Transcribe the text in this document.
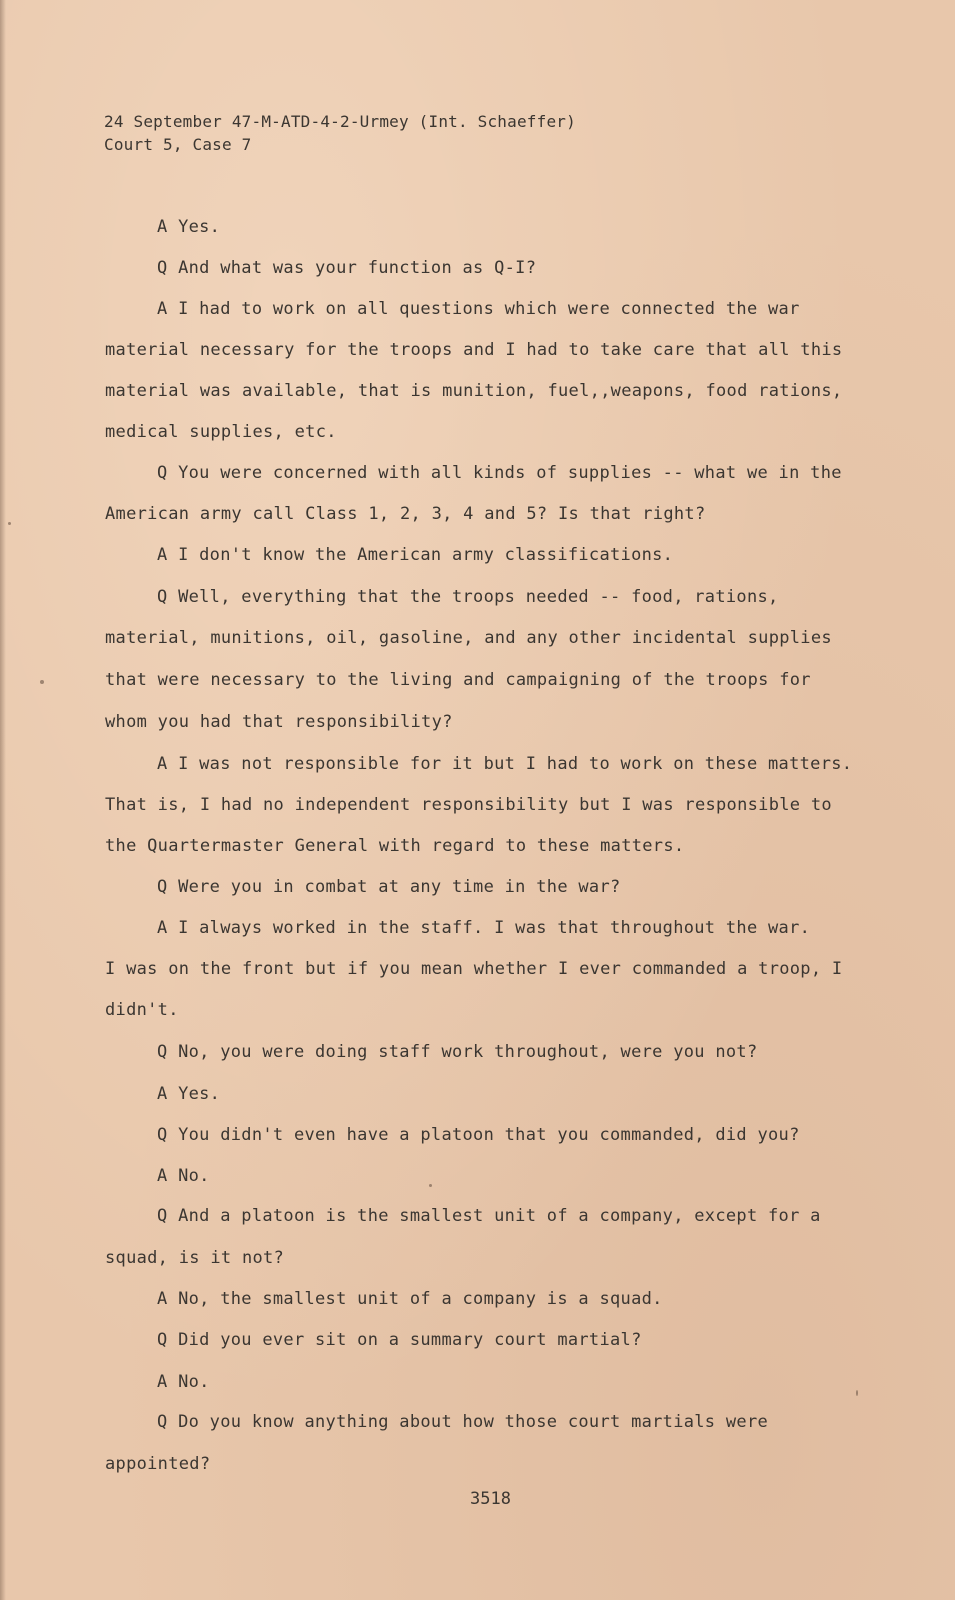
24 September 47-M-ATD-4-2-Urmey (Int. Schaeffer)
Court 5, Case 7
A Yes.
Q And what was your function as Q-I?
A I had to work on all questions which were connected the war
material necessary for the troops and I had to take care that all this
material was available, that is munition, fuel,,weapons, food rations,
medical supplies, etc.
Q You were concerned with all kinds of supplies -- what we in the
American army call Class 1, 2, 3, 4 and 5? Is that right?
A I don't know the American army classifications.
Q Well, everything that the troops needed -- food, rations,
material, munitions, oil, gasoline, and any other incidental supplies
that were necessary to the living and campaigning of the troops for
whom you had that responsibility?
A I was not responsible for it but I had to work on these matters.
That is, I had no independent responsibility but I was responsible to
the Quartermaster General with regard to these matters.
Q Were you in combat at any time in the war?
A I always worked in the staff. I was that throughout the war.
I was on the front but if you mean whether I ever commanded a troop, I
didn't.
Q No, you were doing staff work throughout, were you not?
A Yes.
Q You didn't even have a platoon that you commanded, did you?
A No.
Q And a platoon is the smallest unit of a company, except for a
squad, is it not?
A No, the smallest unit of a company is a squad.
Q Did you ever sit on a summary court martial?
A No.
Q Do you know anything about how those court martials were
appointed?
3518
